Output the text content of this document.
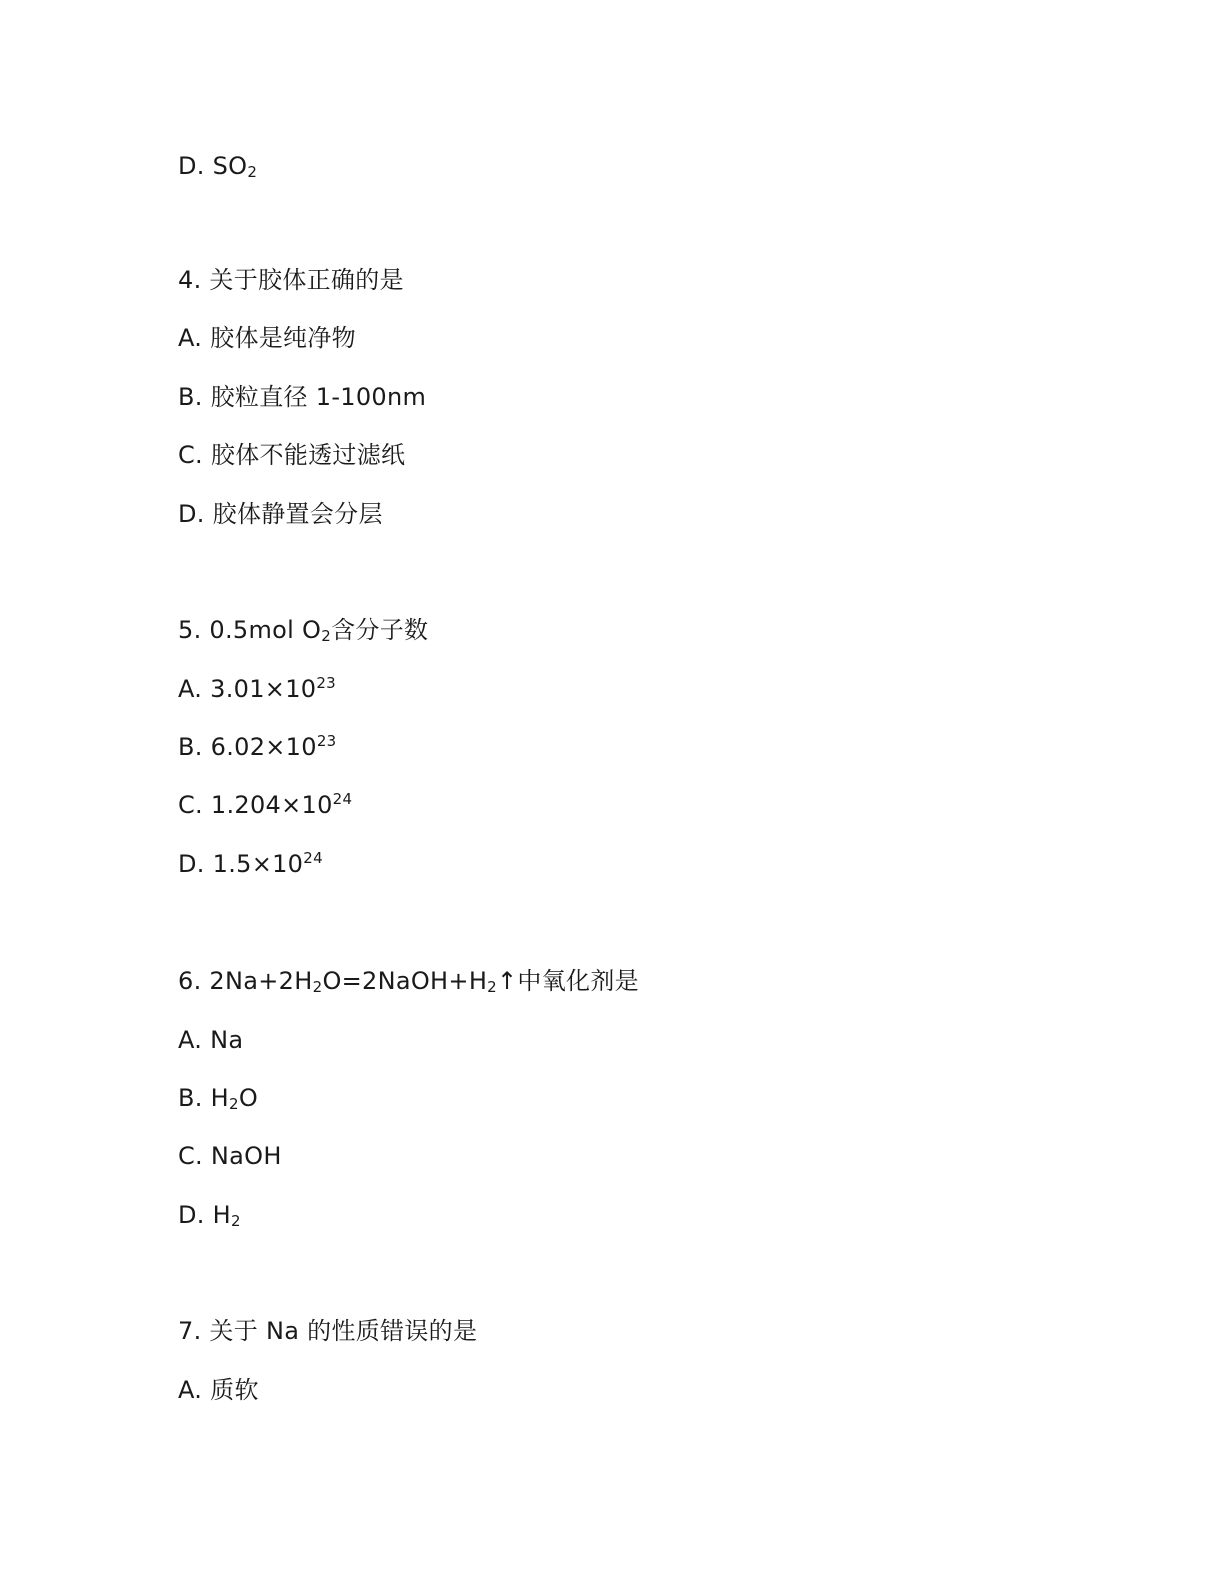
D. $SO_2$
4. 关于胶体正确的是
A. 胶体是纯净物
B. 胶粒直径 1-100nm
C. 胶体不能透过滤纸
D. 胶体静置会分层
5. 0.5mol $O_2$含分子数
A. $3.01\times 10^{23}$
B. $6.02\times 10^{23}$
C. $1.204\times 10^{24}$
D. $1.5\times 10^{24}$
6. $2Na+2H_2O=2NaOH+H_2↑$中氧化剂是
A. Na
B. $H_2O$
C. NaOH
D. $H_2$
7. 关于 Na 的性质错误的是
A. 质软
